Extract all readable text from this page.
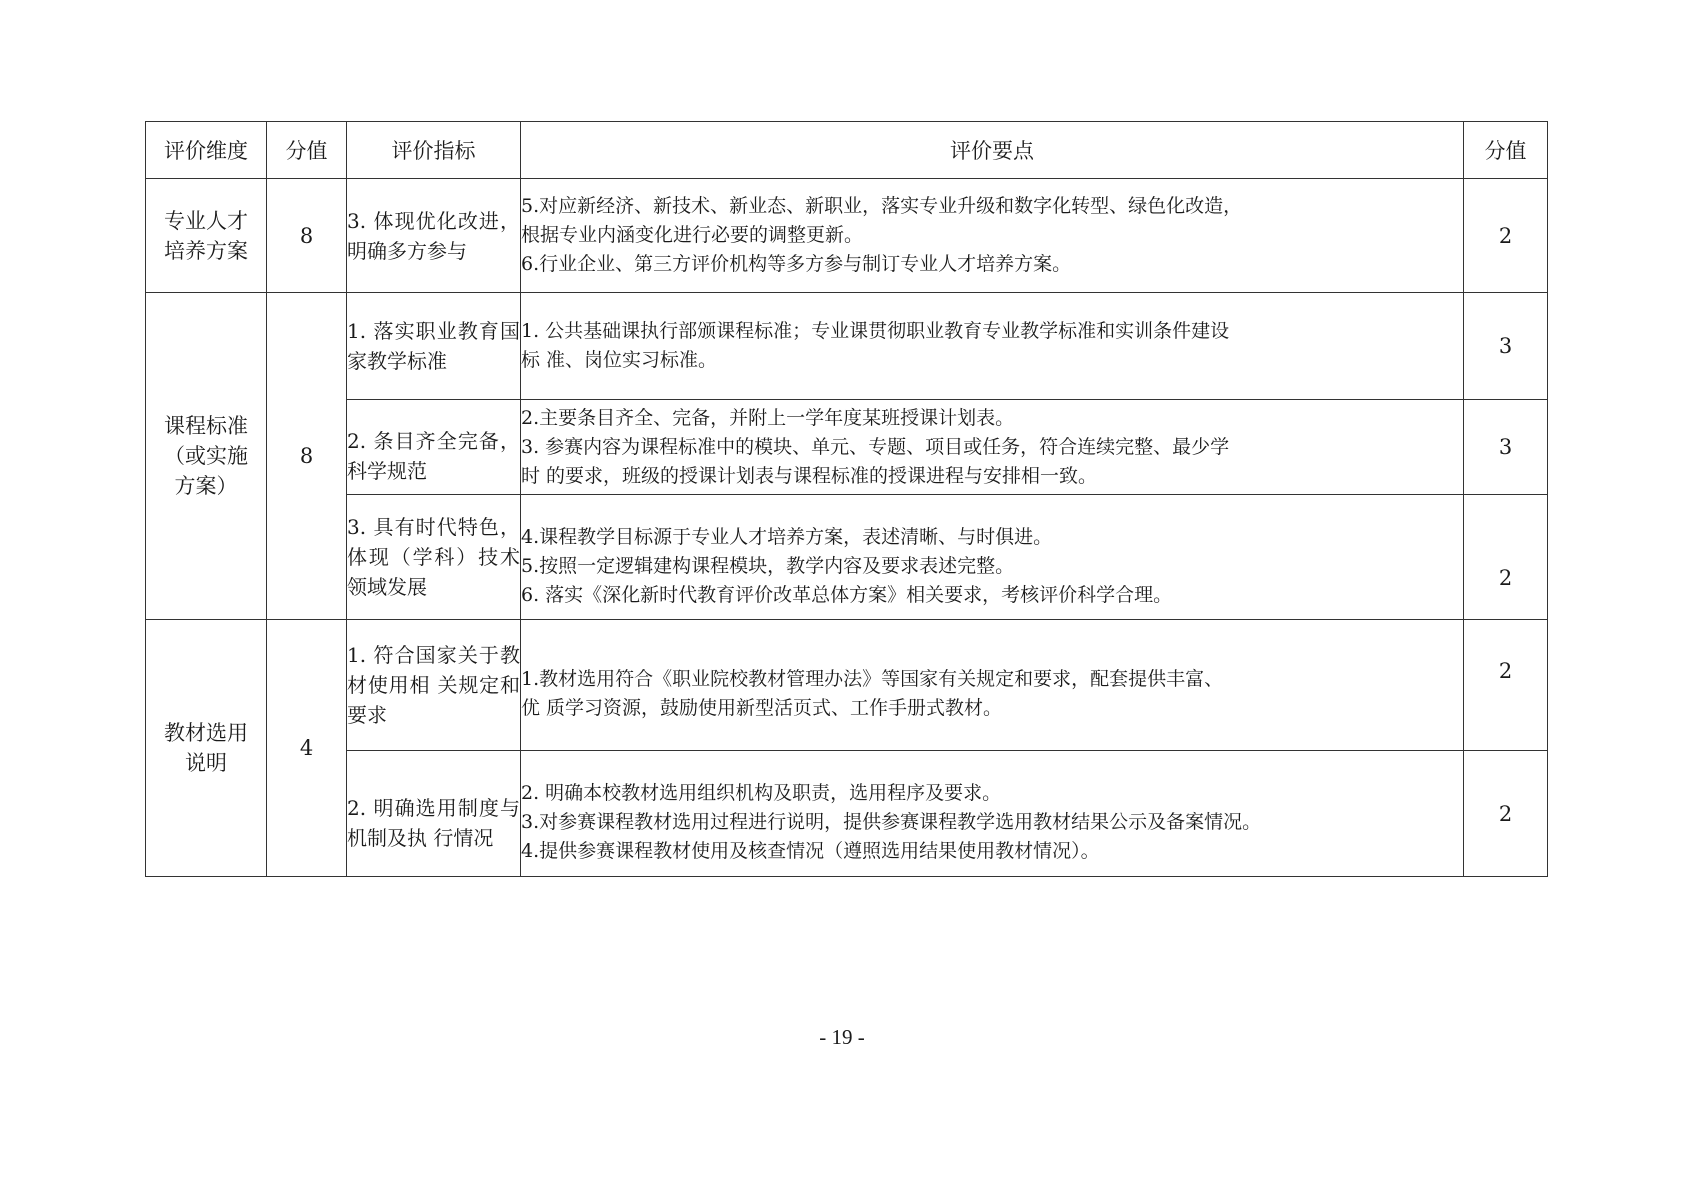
评价维度	分值	评价指标	评价要点	分值
专业人才培养方案	8	3. 体现优化改进，明确多方参与	5.对应新经济、新技术、新业态、新职业，落实专业升级和数字化转型、绿色化改造，
根据专业内涵变化进行必要的调整更新。
6.行业企业、第三方评价机构等多方参与制订专业人才培养方案。	2
课程标准（或实施方案）	8	1. 落实职业教育国家教学标准	1. 公共基础课执行部颁课程标准；专业课贯彻职业教育专业教学标准和实训条件建设
标 准、岗位实习标准。	3
		2. 条目齐全完备，科学规范	2.主要条目齐全、完备，并附上一学年度某班授课计划表。
3. 参赛内容为课程标准中的模块、单元、专题、项目或任务，符合连续完整、最少学
时 的要求，班级的授课计划表与课程标准的授课进程与安排相一致。	3
		3. 具有时代特色，体现（学科）技术领域发展	4.课程教学目标源于专业人才培养方案，表述清晰、与时俱进。
5.按照一定逻辑建构课程模块，教学内容及要求表述完整。
6. 落实《深化新时代教育评价改革总体方案》相关要求，考核评价科学合理。	2
教材选用说明	4	1. 符合国家关于教材使用相 关规定和要求	1.教材选用符合《职业院校教材管理办法》等国家有关规定和要求，配套提供丰富、
优 质学习资源，鼓励使用新型活页式、工作手册式教材。	2
		2. 明确选用制度与机制及执 行情况	2. 明确本校教材选用组织机构及职责，选用程序及要求。
3.对参赛课程教材选用过程进行说明，提供参赛课程教学选用教材结果公示及备案情况。
4.提供参赛课程教材使用及核查情况（遵照选用结果使用教材情况）。	2
- 19 -
